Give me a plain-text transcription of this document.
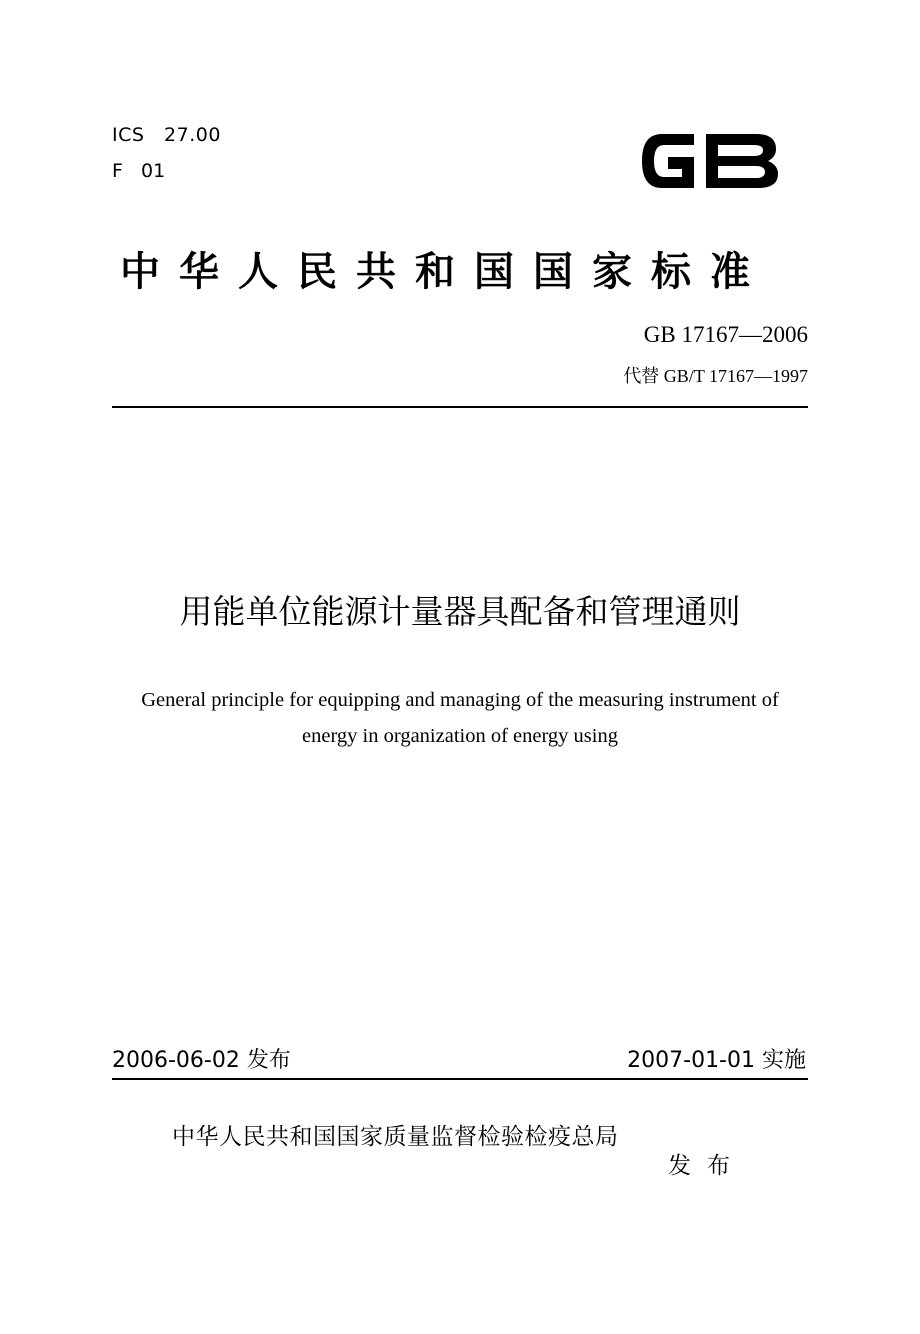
ICS   27.00
F   01
中华人民共和国国家标准
GB 17167—2006
代替 GB/T 17167—1997
用能单位能源计量器具配备和管理通则
General principle for equipping and managing of the measuring instrument of energy in organization of energy using
2006-06-02 发布	2007-01-01 实施
中华人民共和国国家质量监督检验检疫总局
发布
